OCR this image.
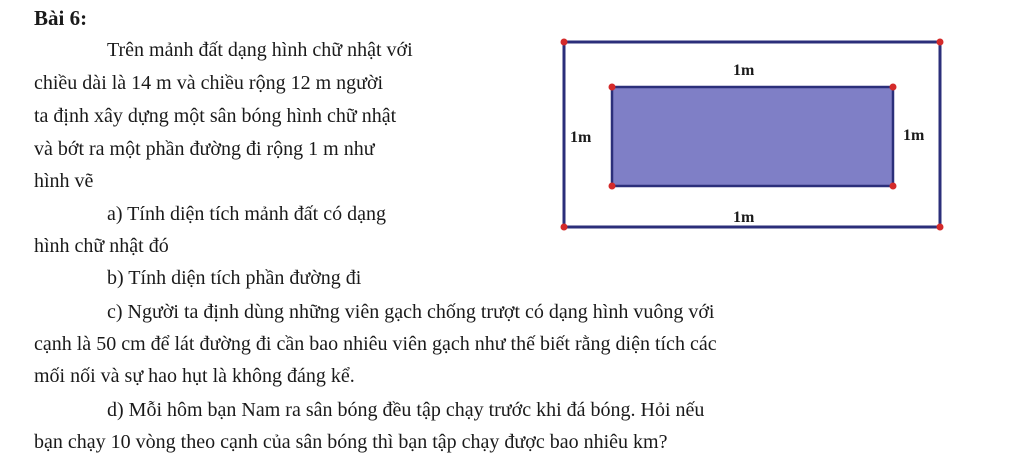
Bài 6:
Trên mảnh đất dạng hình chữ nhật với
chiều dài là 14 m và chiều rộng 12 m người
ta định xây dựng một sân bóng hình chữ nhật
và bớt ra một phần đường đi rộng 1 m như
hình vẽ
a) Tính diện tích mảnh đất có dạng
hình chữ nhật đó
b) Tính diện tích phần đường đi
c) Người ta định dùng những viên gạch chống trượt có dạng hình vuông với
cạnh là 50 cm để lát đường đi cần bao nhiêu viên gạch như thế biết rằng diện tích các
mối nối và sự hao hụt là không đáng kể.
d) Mỗi hôm bạn Nam ra sân bóng đều tập chạy trước khi đá bóng. Hỏi nếu
bạn chạy 10 vòng theo cạnh của sân bóng thì bạn tập chạy được bao nhiêu km?
1m
1m
1m	1m
